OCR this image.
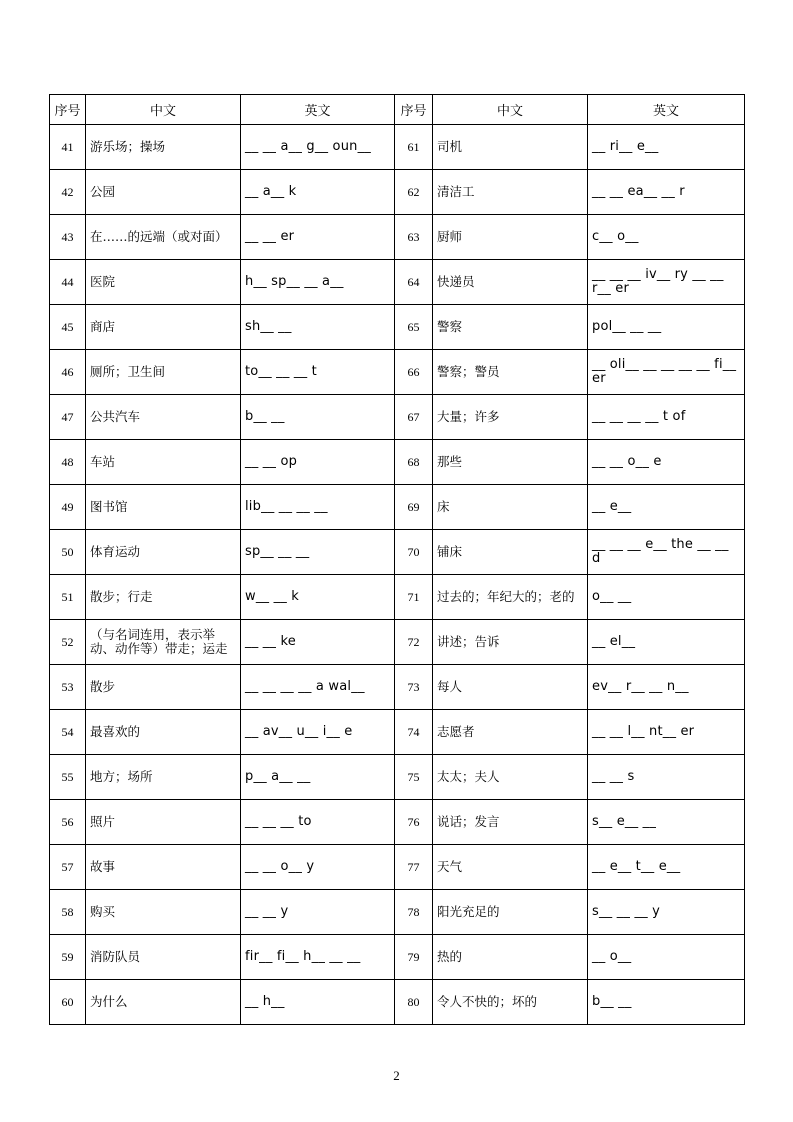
序号	中文	英文	序号	中文	英文
41	游乐场；操场	__ __ a__ g__ oun__	61	司机	__ ri__ e__
42	公园	__ a__ k	62	清洁工	__ __ ea__ __ r
43	在……的远端（或对面）	__ __ er	63	厨师	c__ o__
44	医院	h__ sp__ __ a__	64	快递员	__ __ __ iv__ ry __ __ r__ er
45	商店	sh__ __	65	警察	pol__ __ __
46	厕所；卫生间	to__ __ __ t	66	警察；警员	__ oli__ __ __ __ __ fi__ er
47	公共汽车	b__ __	67	大量；许多	__ __ __ __ t of
48	车站	__ __ op	68	那些	__ __ o__ e
49	图书馆	lib__ __ __ __	69	床	__ e__
50	体育运动	sp__ __ __	70	铺床	__ __ __ e__ the __ __ d
51	散步；行走	w__ __ k	71	过去的；年纪大的；老的	o__ __
52	（与名词连用，表示举动、动作等）带走；运走	__ __ ke	72	讲述；告诉	__ el__
53	散步	__ __ __ __ a wal__	73	每人	ev__ r__ __ n__
54	最喜欢的	__ av__ u__ i__ e	74	志愿者	__ __ l__ nt__ er
55	地方；场所	p__ a__ __	75	太太；夫人	__ __ s
56	照片	__ __ __ to	76	说话；发言	s__ e__ __
57	故事	__ __ o__ y	77	天气	__ e__ t__ e__
58	购买	__ __ y	78	阳光充足的	s__ __ __ y
59	消防队员	fir__ fi__ h__ __ __	79	热的	__ o__
60	为什么	__ h__	80	令人不快的；坏的	b__ __
2
